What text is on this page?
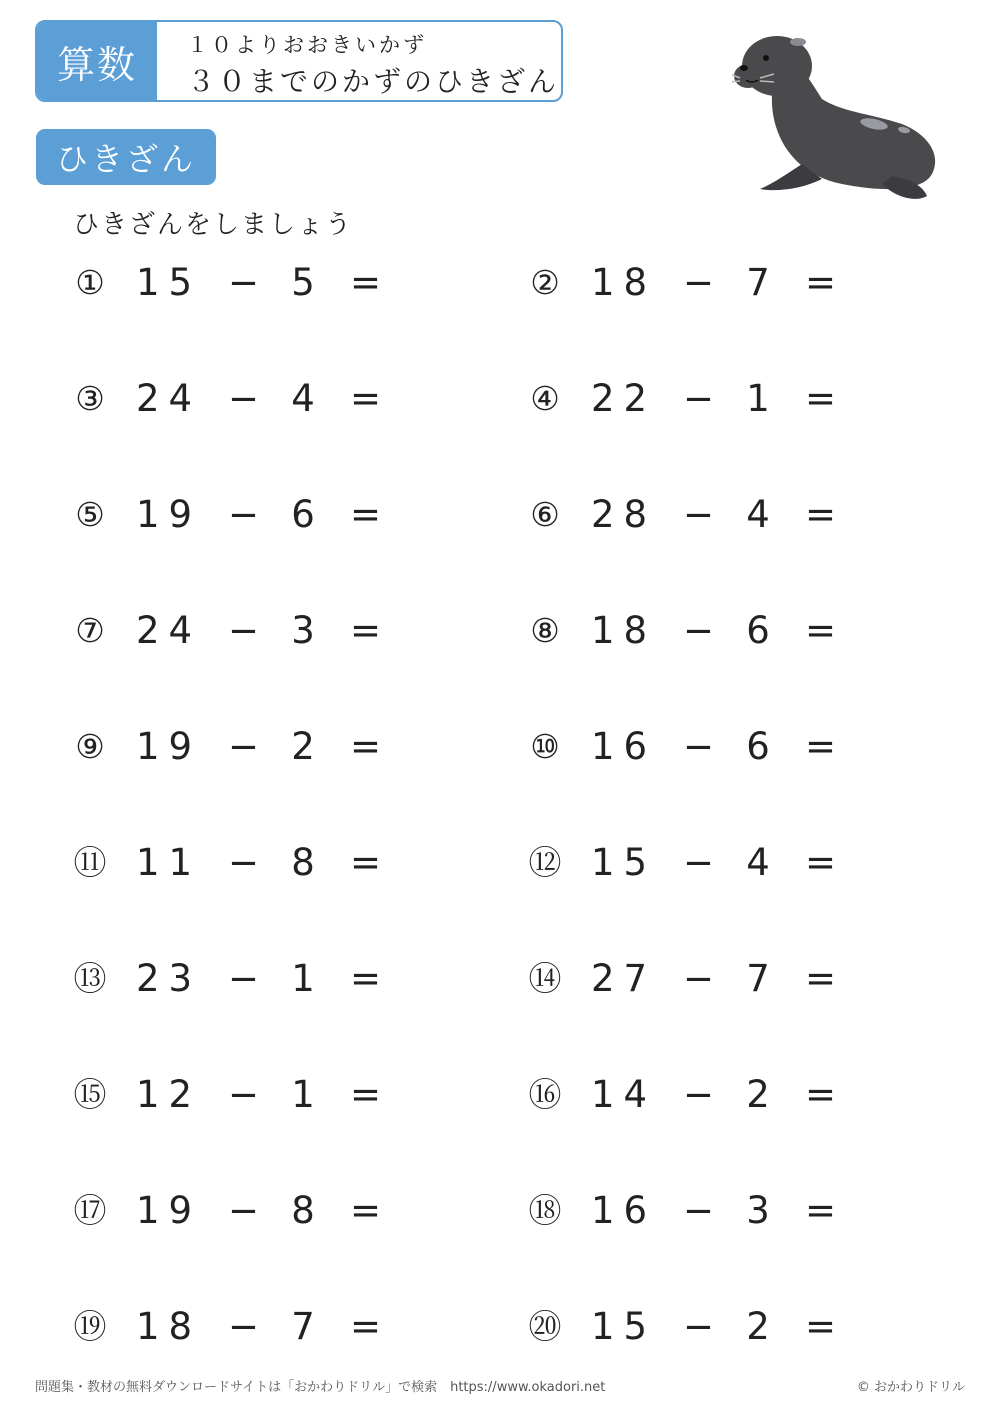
算数	１０よりおおきいかず
３０までのかずのひきざん
ひきざん
ひきざんをしましょう
① 15 − 5 =	② 18 − 7 =
③ 24 − 4 =	④ 22 − 1 =
⑤ 19 − 6 =	⑥ 28 − 4 =
⑦ 24 − 3 =	⑧ 18 − 6 =
⑨ 19 − 2 =	⑩ 16 − 6 =
⑪ 11 − 8 =	⑫ 15 − 4 =
⑬ 23 − 1 =	⑭ 27 − 7 =
⑮ 12 − 1 =	⑯ 14 − 2 =
⑰ 19 − 8 =	⑱ 16 − 3 =
⑲ 18 − 7 =	⑳ 15 − 2 =
問題集・教材の無料ダウンロードサイトは「おかわりドリル」で検索　https://www.okadori.net	© おかわりドリル
